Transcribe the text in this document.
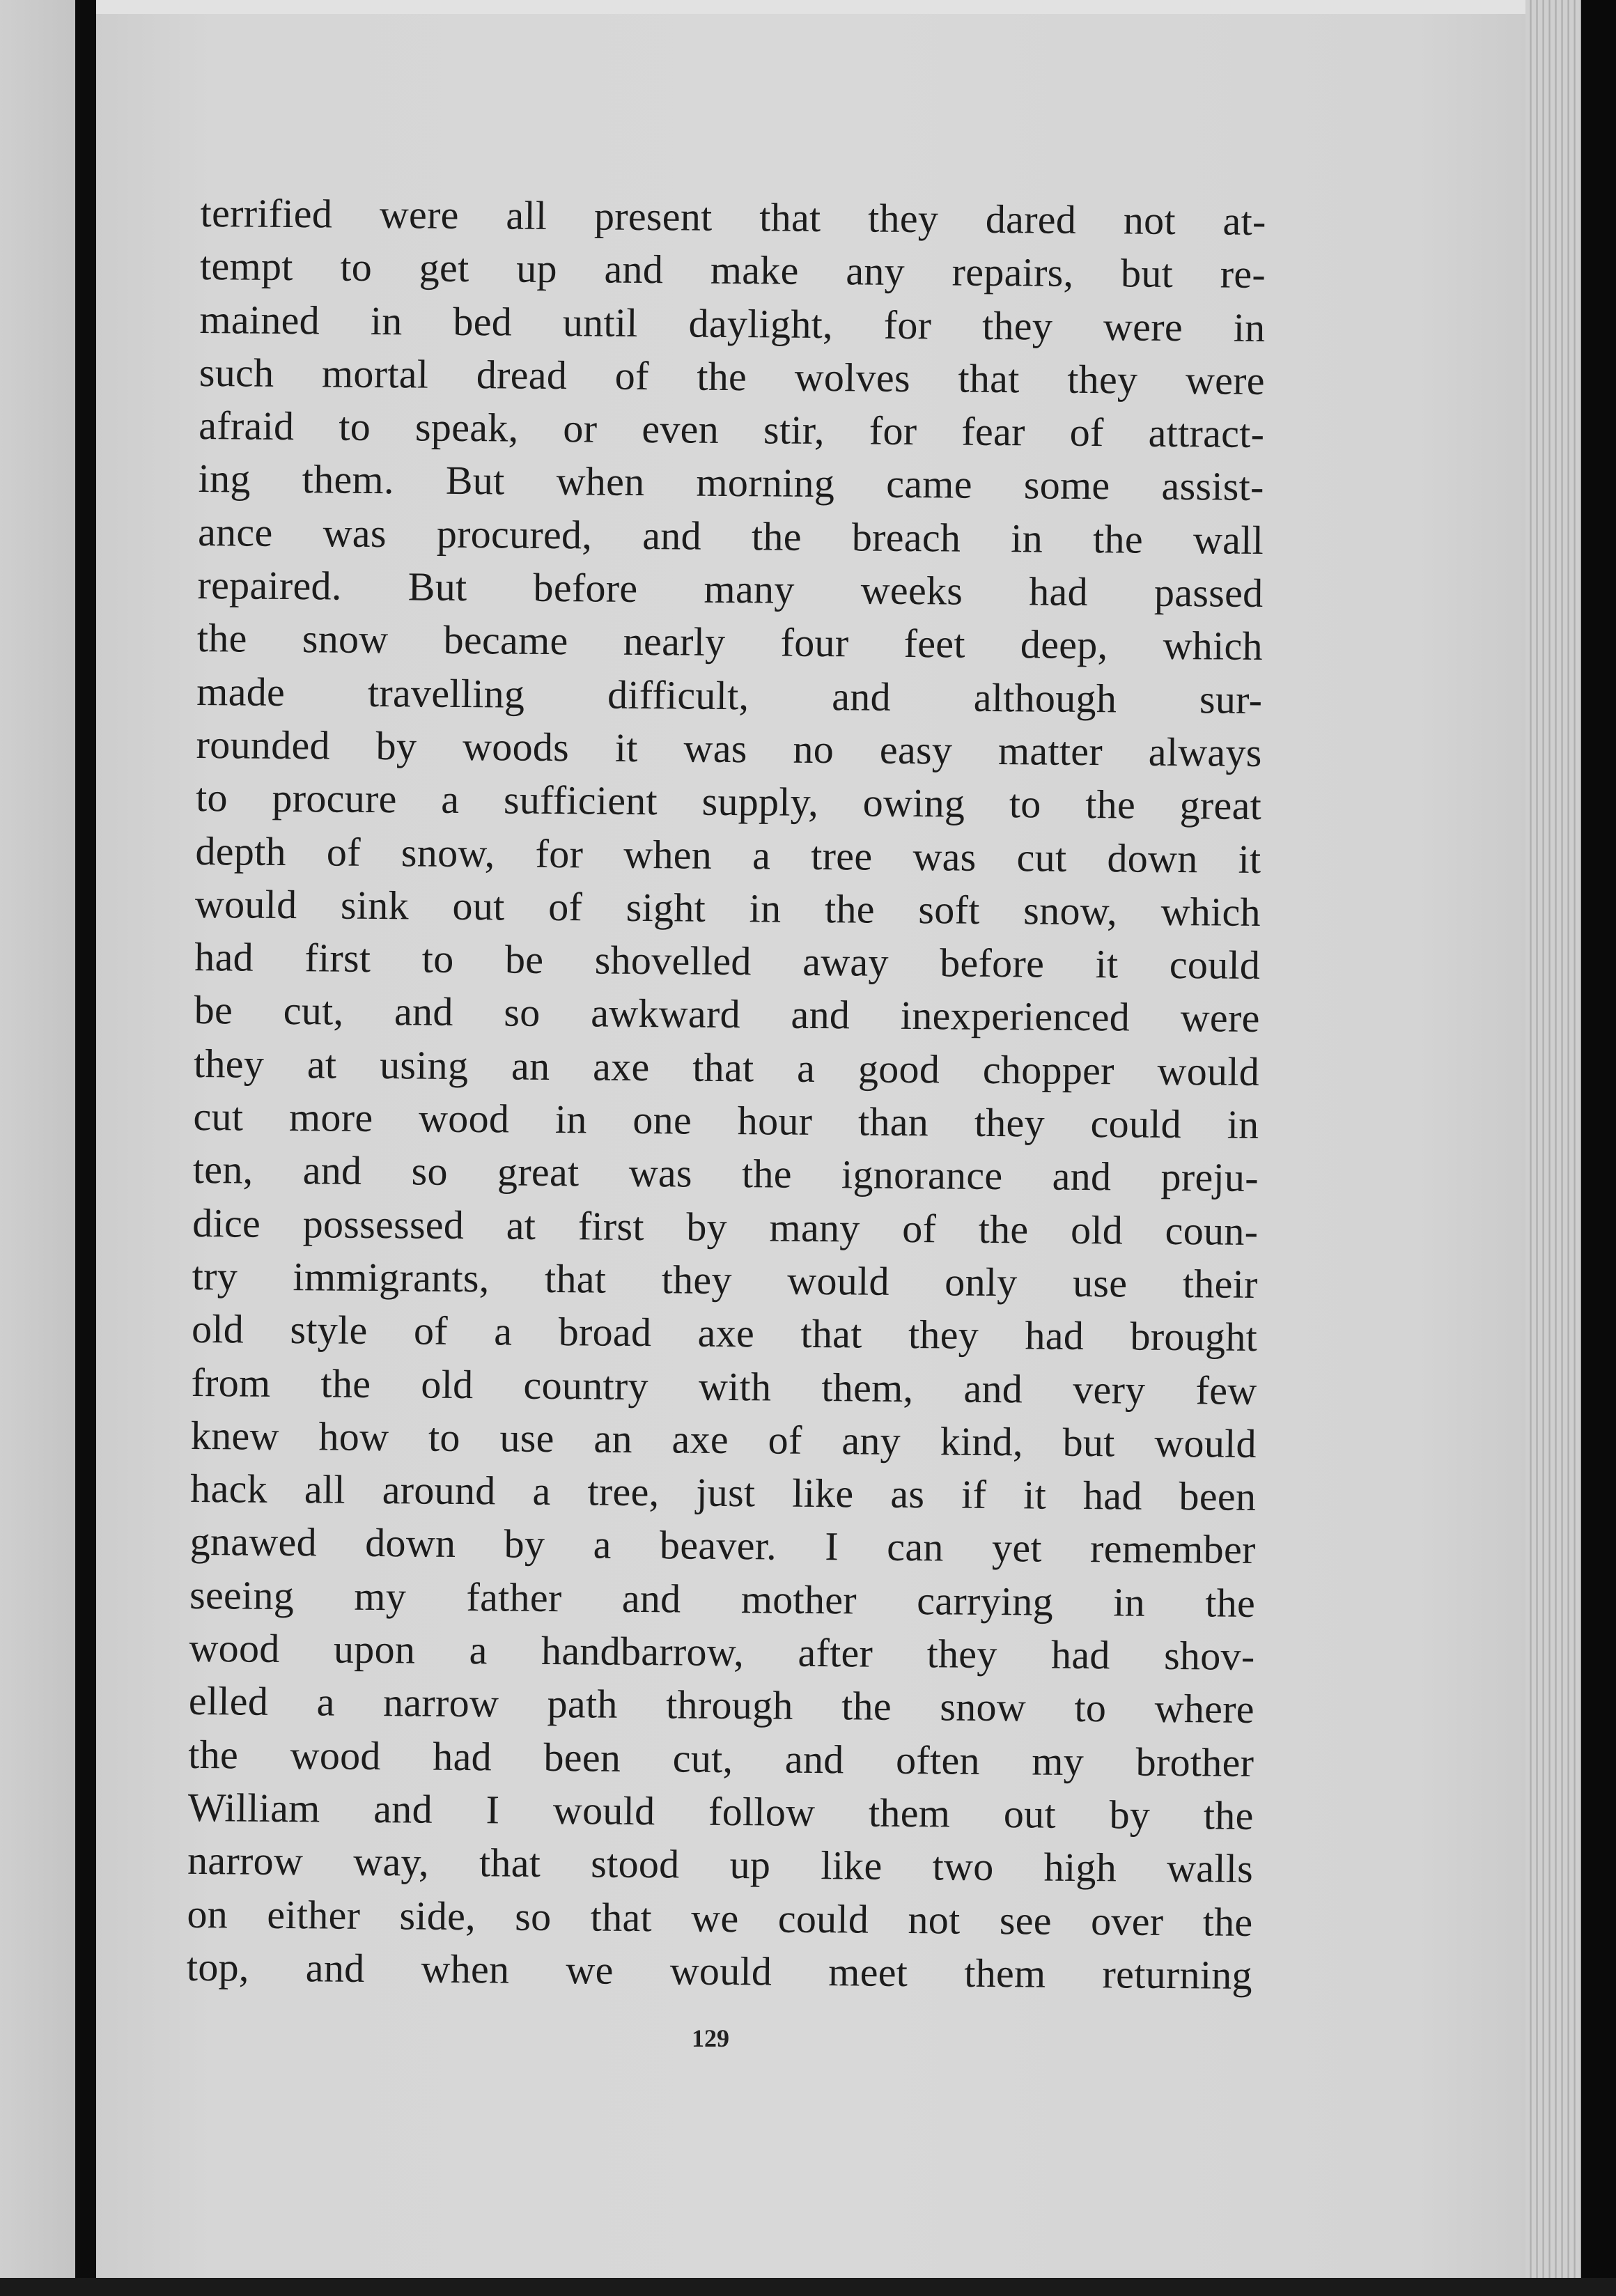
terrified were all present that they dared not at-
tempt to get up and make any repairs, but re-
mained in bed until daylight, for they were in
such mortal dread of the wolves that they were
afraid to speak, or even stir, for fear of attract-
ing them. But when morning came some assist-
ance was procured, and the breach in the wall
repaired. But before many weeks had passed
the snow became nearly four feet deep, which
made travelling difficult, and although sur-
rounded by woods it was no easy matter always
to procure a sufficient supply, owing to the great
depth of snow, for when a tree was cut down it
would sink out of sight in the soft snow, which
had first to be shovelled away before it could
be cut, and so awkward and inexperienced were
they at using an axe that a good chopper would
cut more wood in one hour than they could in
ten, and so great was the ignorance and preju-
dice possessed at first by many of the old coun-
try immigrants, that they would only use their
old style of a broad axe that they had brought
from the old country with them, and very few
knew how to use an axe of any kind, but would
hack all around a tree, just like as if it had been
gnawed down by a beaver. I can yet remember
seeing my father and mother carrying in the
wood upon a handbarrow, after they had shov-
elled a narrow path through the snow to where
the wood had been cut, and often my brother
William and I would follow them out by the
narrow way, that stood up like two high walls
on either side, so that we could not see over the
top, and when we would meet them returning
129
